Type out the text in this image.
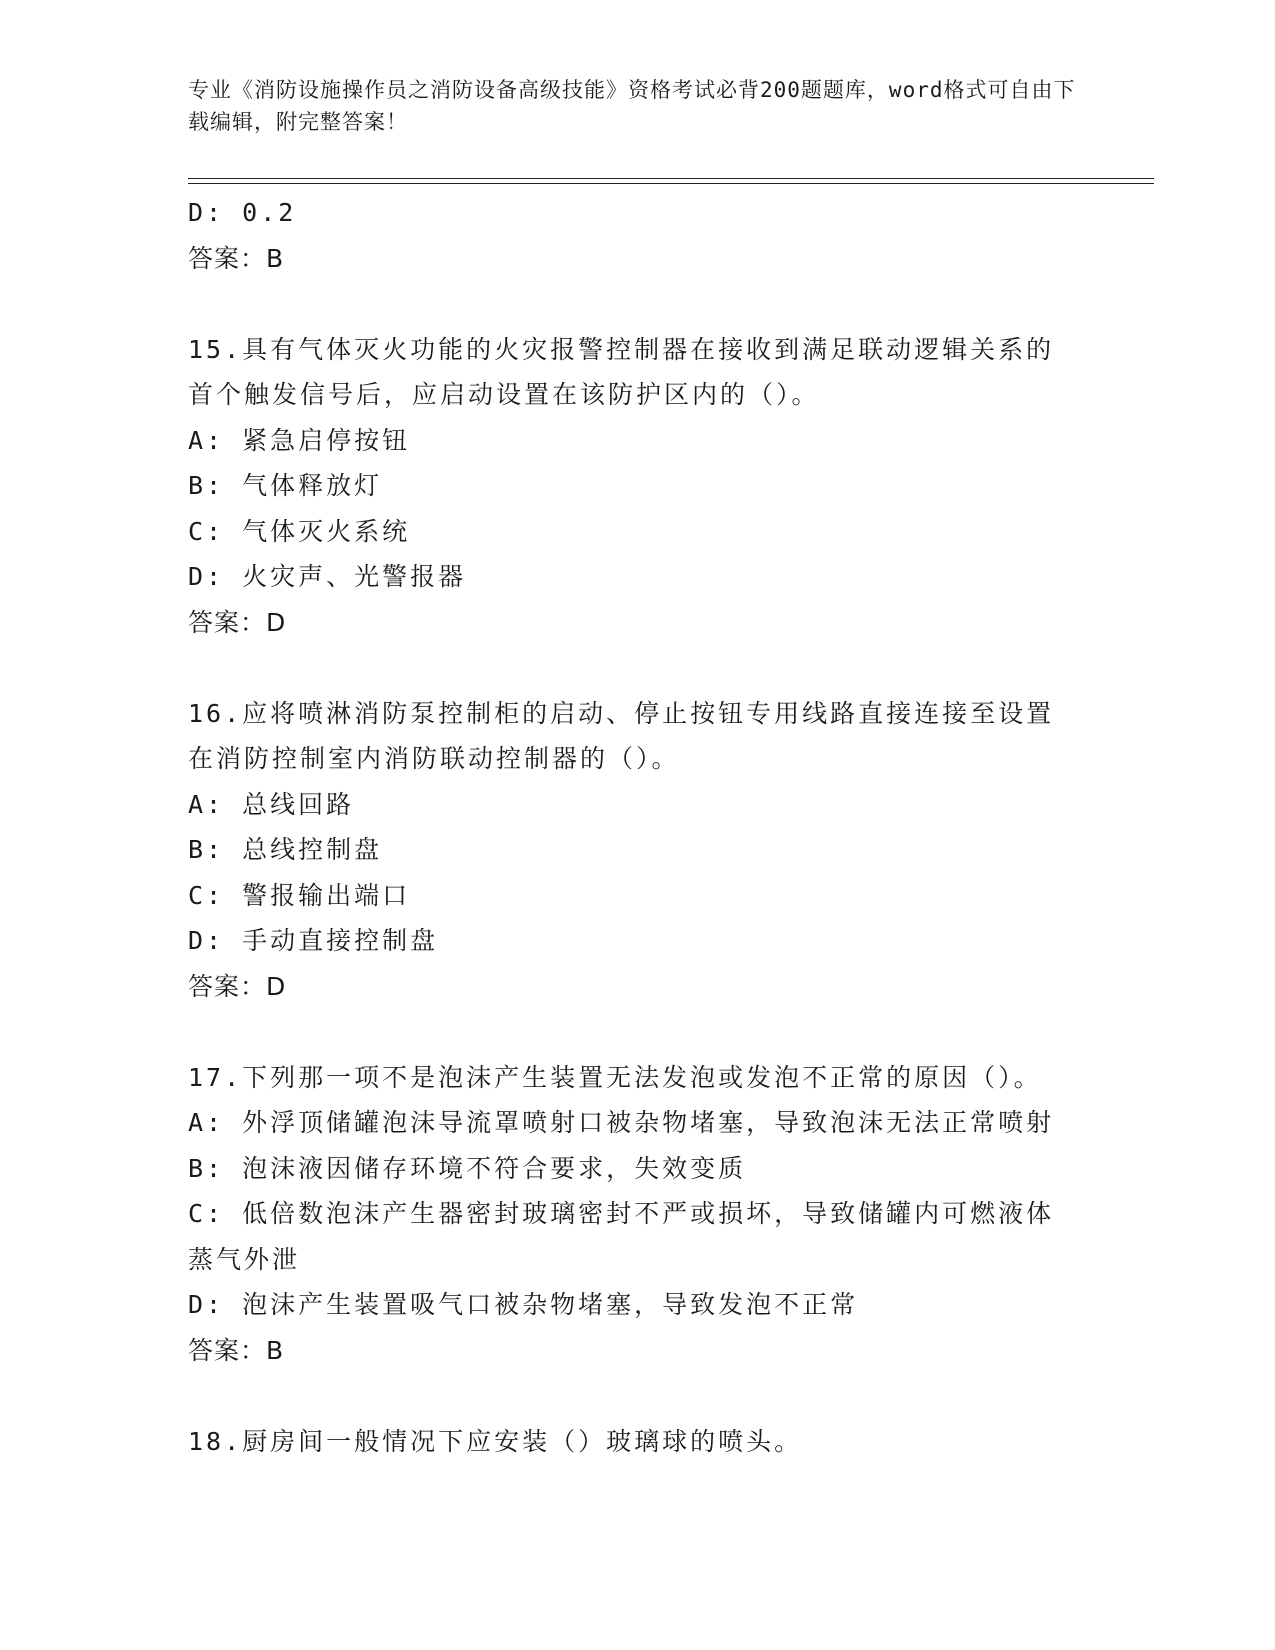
专业《消防设施操作员之消防设备高级技能》资格考试必背200题题库，word格式可自由下载编辑，附完整答案！
D: 0.2
答案：B
15.具有气体灭火功能的火灾报警控制器在接收到满足联动逻辑关系的首个触发信号后，应启动设置在该防护区内的（）。
A: 紧急启停按钮
B: 气体释放灯
C: 气体灭火系统
D: 火灾声、光警报器
答案：D
16.应将喷淋消防泵控制柜的启动、停止按钮专用线路直接连接至设置在消防控制室内消防联动控制器的（）。
A: 总线回路
B: 总线控制盘
C: 警报输出端口
D: 手动直接控制盘
答案：D
17.下列那一项不是泡沫产生装置无法发泡或发泡不正常的原因（）。
A: 外浮顶储罐泡沫导流罩喷射口被杂物堵塞，导致泡沫无法正常喷射
B: 泡沫液因储存环境不符合要求，失效变质
C: 低倍数泡沫产生器密封玻璃密封不严或损坏，导致储罐内可燃液体蒸气外泄
D: 泡沫产生装置吸气口被杂物堵塞，导致发泡不正常
答案：B
18.厨房间一般情况下应安装（）玻璃球的喷头。
